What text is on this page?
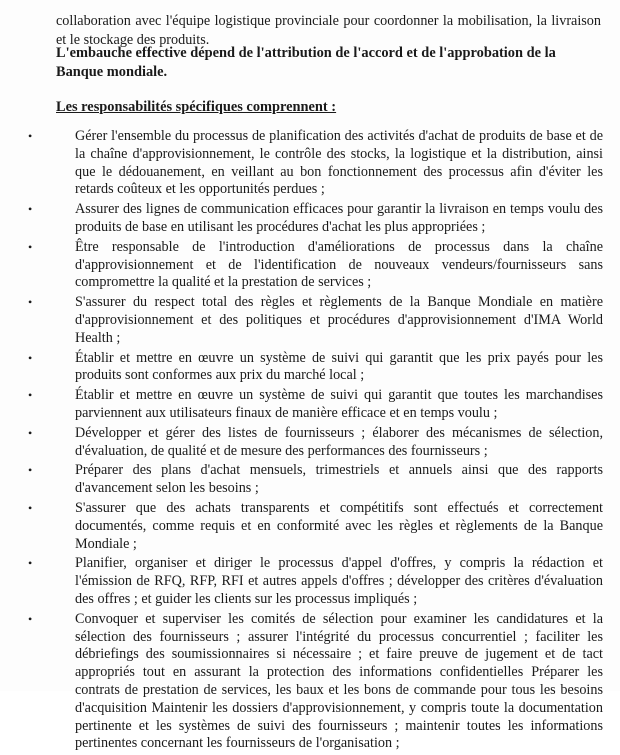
collaboration avec l'équipe logistique provinciale pour coordonner la mobilisation, la livraison et le stockage des produits.

L'embauche effective dépend de l'attribution de l'accord et de l'approbation de la Banque mondiale.
Les responsabilités spécifiques comprennent :
•	Gérer l'ensemble du processus de planification des activités d'achat de produits de base et de la chaîne d'approvisionnement, le contrôle des stocks, la logistique et la distribution, ainsi que le dédouanement, en veillant au bon fonctionnement des processus afin d'éviter les retards coûteux et les opportunités perdues ;
•	Assurer des lignes de communication efficaces pour garantir la livraison en temps voulu des produits de base en utilisant les procédures d'achat les plus appropriées ;
•	Être responsable de l'introduction d'améliorations de processus dans la chaîne d'approvisionnement et de l'identification de nouveaux vendeurs/fournisseurs sans compromettre la qualité et la prestation de services ;
•	S'assurer du respect total des règles et règlements de la Banque Mondiale en matière d'approvisionnement et des politiques et procédures d'approvisionnement d'IMA World Health ;
•	Établir et mettre en œuvre un système de suivi qui garantit que les prix payés pour les produits sont conformes aux prix du marché local ;
•	Établir et mettre en œuvre un système de suivi qui garantit que toutes les marchandises parviennent aux utilisateurs finaux de manière efficace et en temps voulu ;
•	Développer et gérer des listes de fournisseurs ; élaborer des mécanismes de sélection, d'évaluation, de qualité et de mesure des performances des fournisseurs ;
•	Préparer des plans d'achat mensuels, trimestriels et annuels ainsi que des rapports d'avancement selon les besoins ;
•	S'assurer que des achats transparents et compétitifs sont effectués et correctement documentés, comme requis et en conformité avec les règles et règlements de la Banque Mondiale ;
•	Planifier, organiser et diriger le processus d'appel d'offres, y compris la rédaction et l'émission de RFQ, RFP, RFI et autres appels d'offres ; développer des critères d'évaluation des offres ; et guider les clients sur les processus impliqués ;
•	Convoquer et superviser les comités de sélection pour examiner les candidatures et la sélection des fournisseurs ; assurer l'intégrité du processus concurrentiel ; faciliter les débriefings des soumissionnaires si nécessaire ; et faire preuve de jugement et de tact appropriés tout en assurant la protection des informations confidentielles Préparer les contrats de prestation de services, les baux et les bons de commande pour tous les besoins d'acquisition Maintenir les dossiers d'approvisionnement, y compris toute la documentation pertinente et les systèmes de suivi des fournisseurs ; maintenir toutes les informations pertinentes concernant les fournisseurs de l'organisation ;
